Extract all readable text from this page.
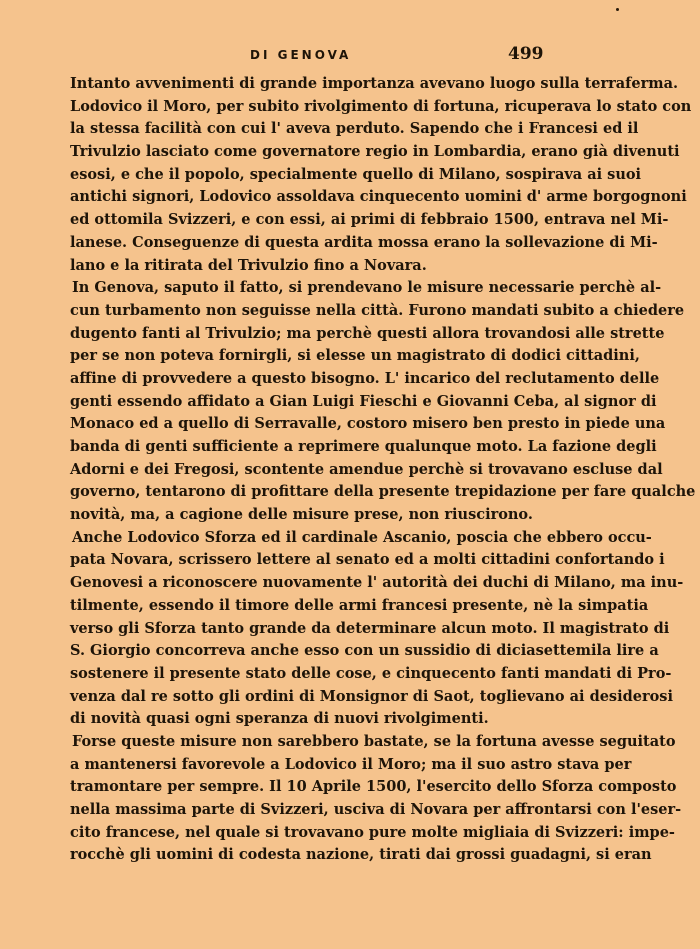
DI GENOVA	499
Intanto avvenimenti di grande importanza avevano luogo sulla terraferma.
Lodovico il Moro, per subito rivolgimento di fortuna, ricuperava lo stato con
la stessa facilità con cui l' aveva perduto. Sapendo che i Francesi ed il
Trivulzio lasciato come governatore regio in Lombardia, erano già divenuti
esosi, e che il popolo, specialmente quello di Milano, sospirava ai suoi
antichi signori, Lodovico assoldava cinquecento uomini d' arme borgognoni
ed ottomila Svizzeri, e con essi, ai primi di febbraio 1500, entrava nel Mi-
lanese. Conseguenze di questa ardita mossa erano la sollevazione di Mi-
lano e la ritirata del Trivulzio fino a Novara.
In Genova, saputo il fatto, si prendevano le misure necessarie perchè al-
cun turbamento non seguisse nella città. Furono mandati subito a chiedere
dugento fanti al Trivulzio; ma perchè questi allora trovandosi alle strette
per se non poteva fornirgli, si elesse un magistrato di dodici cittadini,
affine di provvedere a questo bisogno. L' incarico del reclutamento delle
genti essendo affidato a Gian Luigi Fieschi e Giovanni Ceba, al signor di
Monaco ed a quello di Serravalle, costoro misero ben presto in piede una
banda di genti sufficiente a reprimere qualunque moto. La fazione degli
Adorni e dei Fregosi, scontente amendue perchè si trovavano escluse dal
governo, tentarono di profittare della presente trepidazione per fare qualche
novità, ma, a cagione delle misure prese, non riuscirono.
Anche Lodovico Sforza ed il cardinale Ascanio, poscia che ebbero occu-
pata Novara, scrissero lettere al senato ed a molti cittadini confortando i
Genovesi a riconoscere nuovamente l' autorità dei duchi di Milano, ma inu-
tilmente, essendo il timore delle armi francesi presente, nè la simpatia
verso gli Sforza tanto grande da determinare alcun moto. Il magistrato di
S. Giorgio concorreva anche esso con un sussidio di diciasettemila lire a
sostenere il presente stato delle cose, e cinquecento fanti mandati di Pro-
venza dal re sotto gli ordini di Monsignor di Saot, toglievano ai desiderosi
di novità quasi ogni speranza di nuovi rivolgimenti.
Forse queste misure non sarebbero bastate, se la fortuna avesse seguitato
a mantenersi favorevole a Lodovico il Moro; ma il suo astro stava per
tramontare per sempre. Il 10 Aprile 1500, l'esercito dello Sforza composto
nella massima parte di Svizzeri, usciva di Novara per affrontarsi con l'eser-
cito francese, nel quale si trovavano pure molte migliaia di Svizzeri: impe-
rocchè gli uomini di codesta nazione, tirati dai grossi guadagni, si eran
